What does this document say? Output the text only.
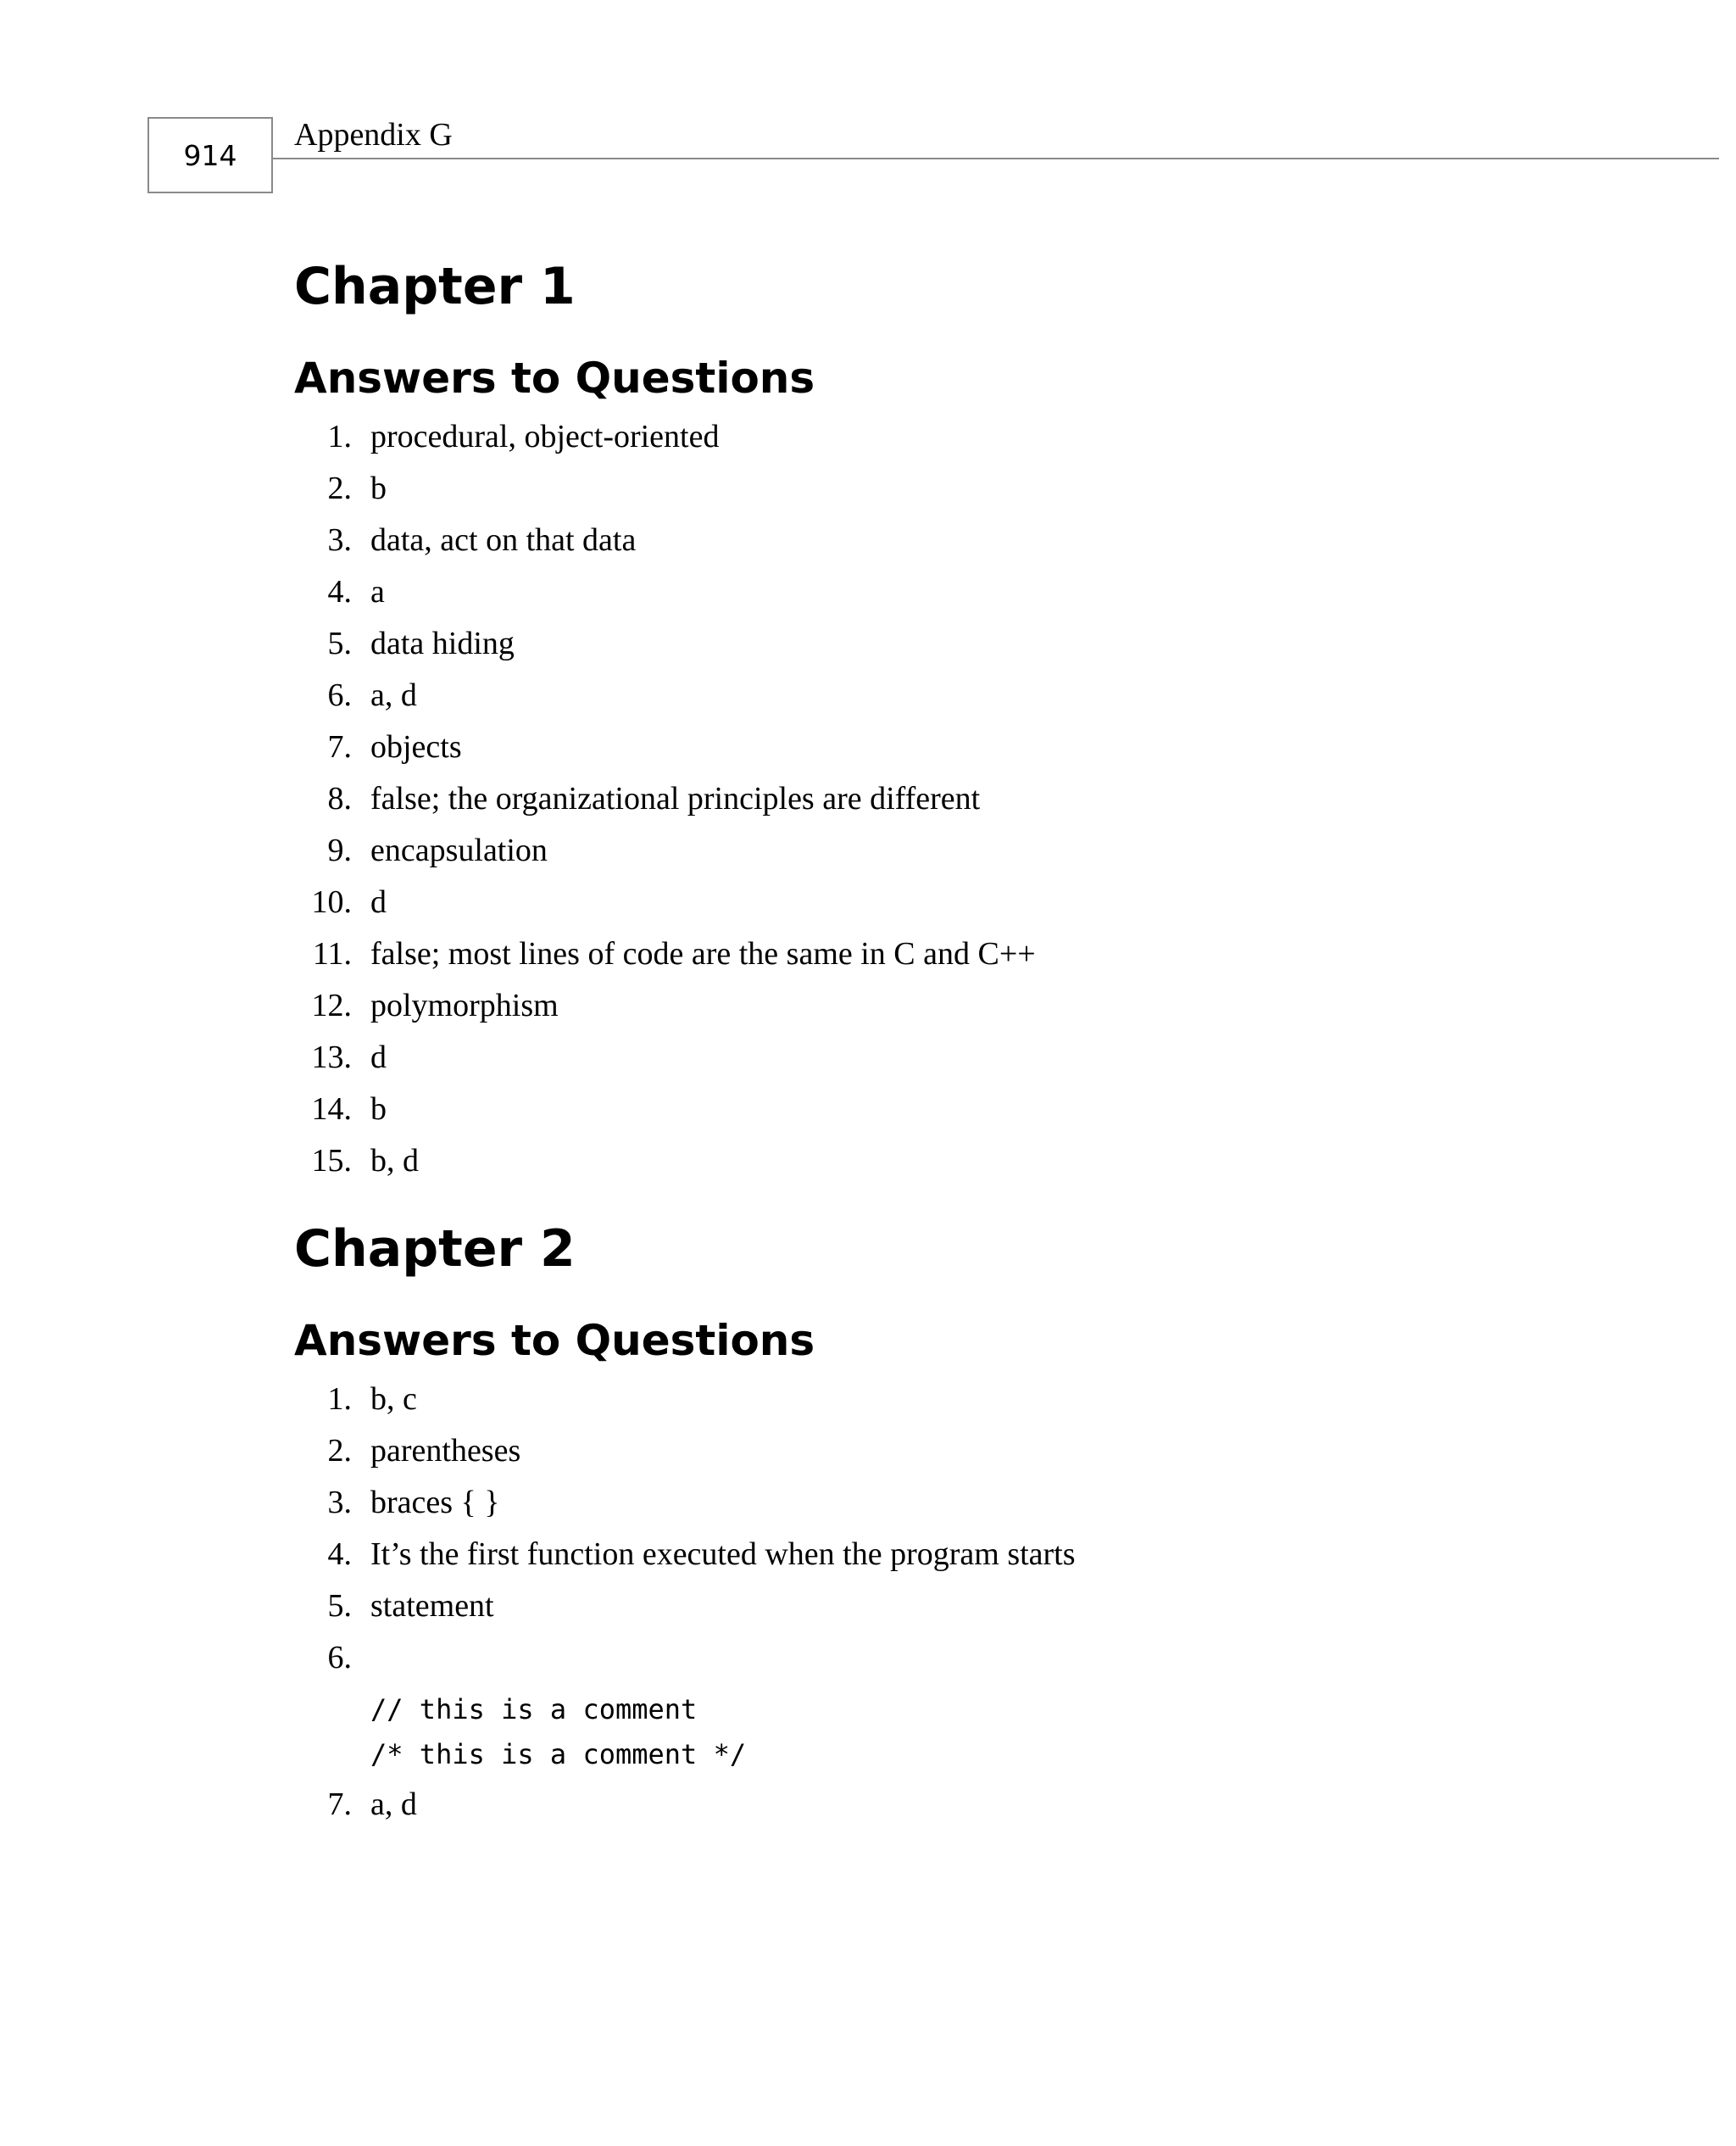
914
Appendix G
Chapter 1
Answers to Questions
1. procedural, object-oriented
2. b
3. data, act on that data
4. a
5. data hiding
6. a, d
7. objects
8. false; the organizational principles are different
9. encapsulation
10. d
11. false; most lines of code are the same in C and C++
12. polymorphism
13. d
14. b
15. b, d
Chapter 2
Answers to Questions
1. b, c
2. parentheses
3. braces { }
4. It’s the first function executed when the program starts
5. statement
6.
// this is a comment
/* this is a comment */
7. a, d
